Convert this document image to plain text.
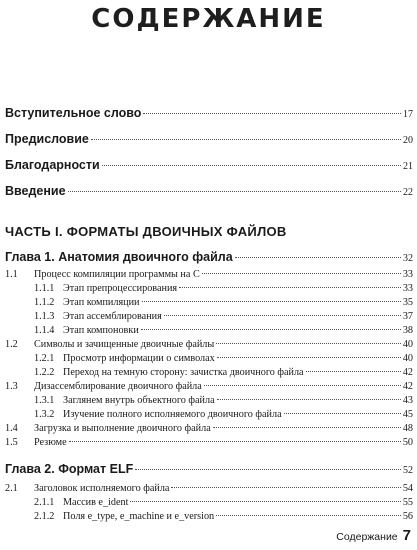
СОДЕРЖАНИЕ
Вступительное слово	17
Предисловие	20
Благодарности	21
Введение	22
ЧАСТЬ I. ФОРМАТЫ ДВОИЧНЫХ ФАЙЛОВ
Глава 1. Анатомия двоичного файла	32
1.1	Процесс компиляции программы на C	33
1.1.1 Этап препроцессирования	33
1.1.2 Этап компиляции	35
1.1.3 Этап ассемблирования	37
1.1.4 Этап компоновки	38
1.2	Символы и зачищенные двоичные файлы	40
1.2.1 Просмотр информации о символах	40
1.2.2 Переход на темную сторону: зачистка двоичного файла	42
1.3	Дизассемблирование двоичного файла	42
1.3.1 Заглянем внутрь объектного файла	43
1.3.2 Изучение полного исполняемого двоичного файла	45
1.4	Загрузка и выполнение двоичного файла	48
1.5	Резюме	50
Глава 2. Формат ELF	52
2.1	Заголовок исполняемого файла	54
2.1.1 Массив e_ident	55
2.1.2 Поля e_type, e_machine и e_version	56
Содержание 7
